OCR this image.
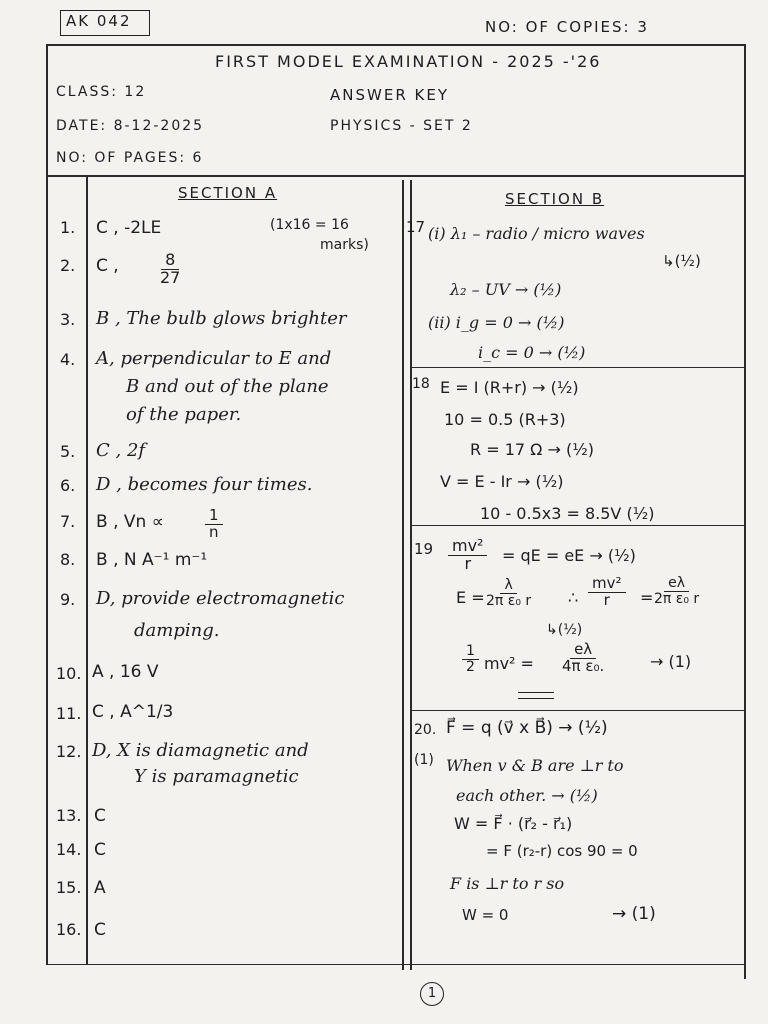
AK 042	NO: OF COPIES: 3
FIRST MODEL EXAMINATION - 2025 -'26
CLASS: 12	ANSWER KEY
DATE: 8-12-2025	PHYSICS - SET 2
NO: OF PAGES: 6
SECTION A
(1x16 = 16
marks)
1. C , -2LE
2. C ,	$\frac{8}{27}$
3. B , The bulb glows brighter
4. A, perpendicular to E and
B and out of the plane
of the paper.
5. C , 2f
6. D , becomes four times.
7. B , Vn ∝	$\frac{1}{n}$
8. B , N A⁻¹ m⁻¹
9. D, provide electromagnetic
damping.
10. A , 16 V
11. C , A^1/3
12. D, X is diamagnetic and
Y is paramagnetic
13. C
14. C
15. A
16. C
SECTION B
17 (i) λ₁ – radio / micro waves
↳(½)
λ₂ – UV → (½)
(ii) i_g = 0 → (½)
i_c = 0 → (½)
18 E = I (R+r) → (½)
10 = 0.5 (R+3)
R = 17 Ω → (½)
V = E - Ir → (½)
10 - 0.5x3 = 8.5V (½)
$19 \frac{\text{mv²}}{r}$ = qE = eE → (½)
$E = \frac{\lambda}{\text{2π ε₀ r}}$ ∴ $\frac{\text{mv²}}{r} = \frac{e\lambda}{\text{2π ε₀ r}}$
↳(½)
$\frac{1}{2} mv^2 = \frac{e\lambda}{\text{4π ε₀.}}$	→ (1)
20. F⃗ = q (v⃗ x B⃗) → (½)
(1) When v & B are ⊥r to
each other. → (½)
W = F⃗ · (r⃗₂ - r⃗₁)
= F (r₂-r) cos 90 = 0
F is ⊥r to r so
W = 0	→ (1)
1
